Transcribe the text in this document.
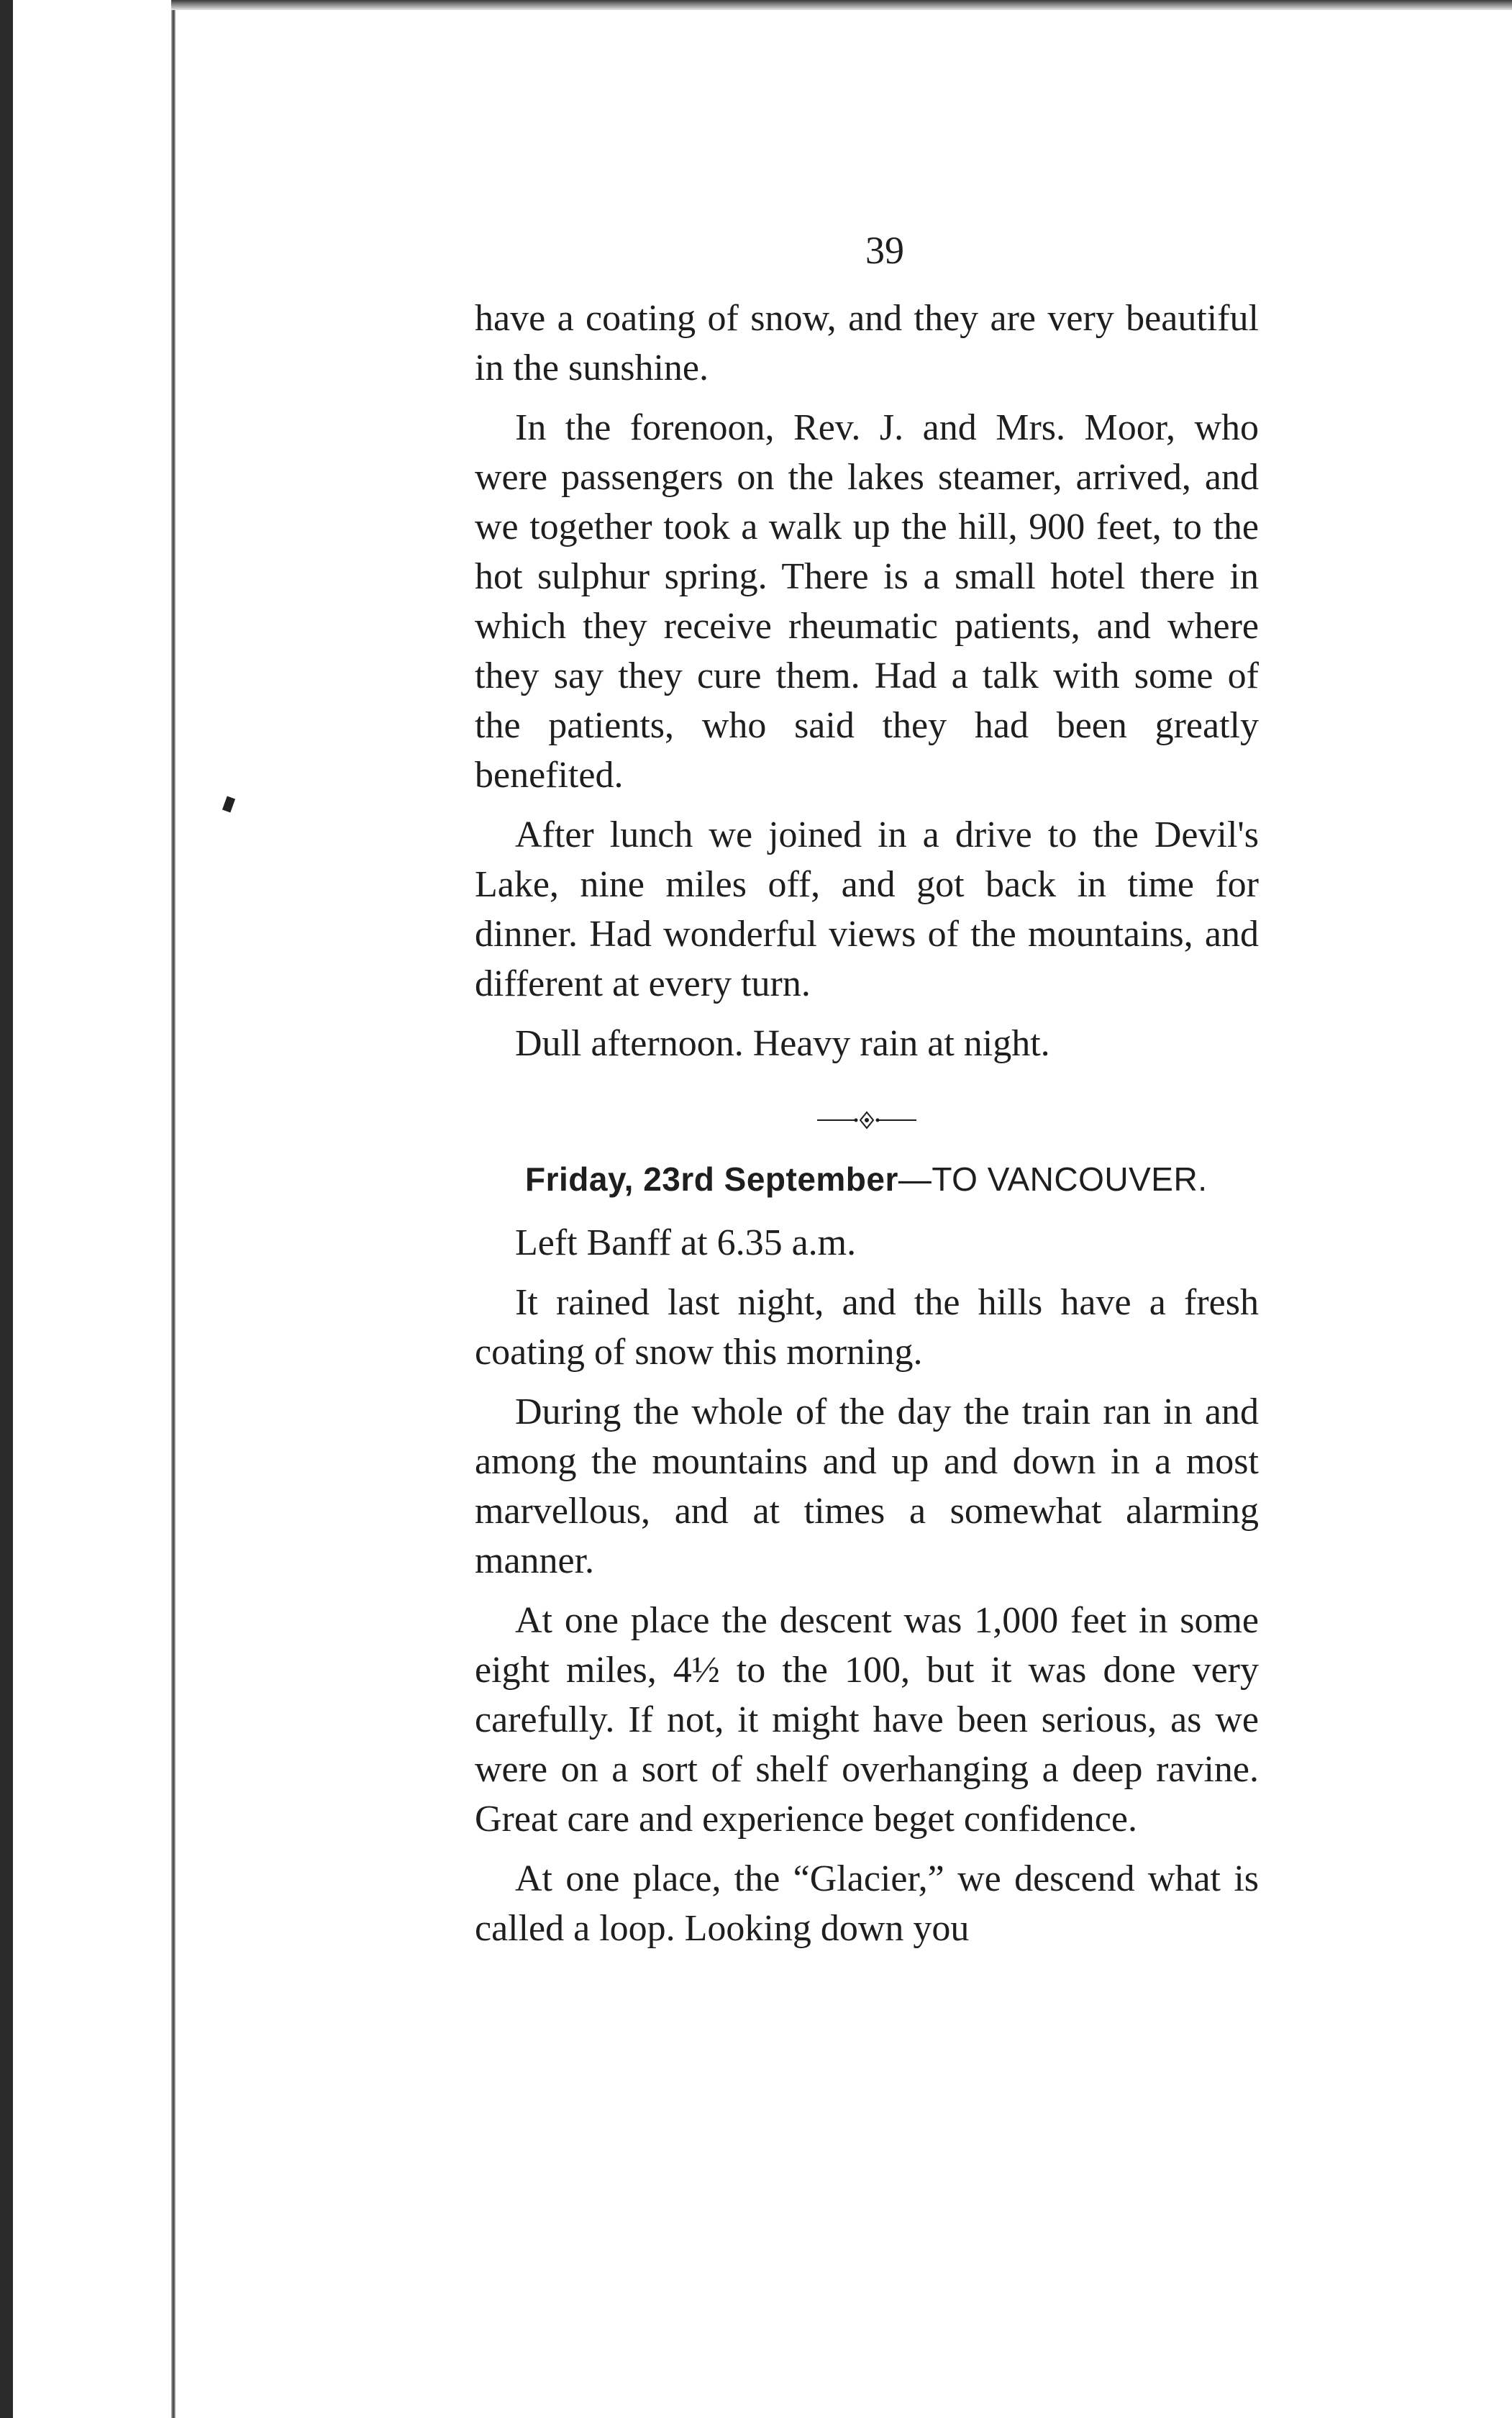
39

have a coating of snow, and they are very beautiful in the sunshine.

In the forenoon, Rev. J. and Mrs. Moor, who were passengers on the lakes steamer, arrived, and we together took a walk up the hill, 900 feet, to the hot sulphur spring. There is a small hotel there in which they receive rheumatic patients, and where they say they cure them. Had a talk with some of the patients, who said they had been greatly benefited.

After lunch we joined in a drive to the Devil's Lake, nine miles off, and got back in time for dinner. Had wonderful views of the mountains, and different at every turn.

Dull afternoon. Heavy rain at night.

Friday, 23rd September—TO VANCOUVER.

Left Banff at 6.35 a.m.

It rained last night, and the hills have a fresh coating of snow this morning.

During the whole of the day the train ran in and among the mountains and up and down in a most marvellous, and at times a somewhat alarming manner.

At one place the descent was 1,000 feet in some eight miles, 4½ to the 100, but it was done very carefully. If not, it might have been serious, as we were on a sort of shelf overhanging a deep ravine. Great care and experience beget confidence.

At one place, the “Glacier,” we descend what is called a loop. Looking down you
